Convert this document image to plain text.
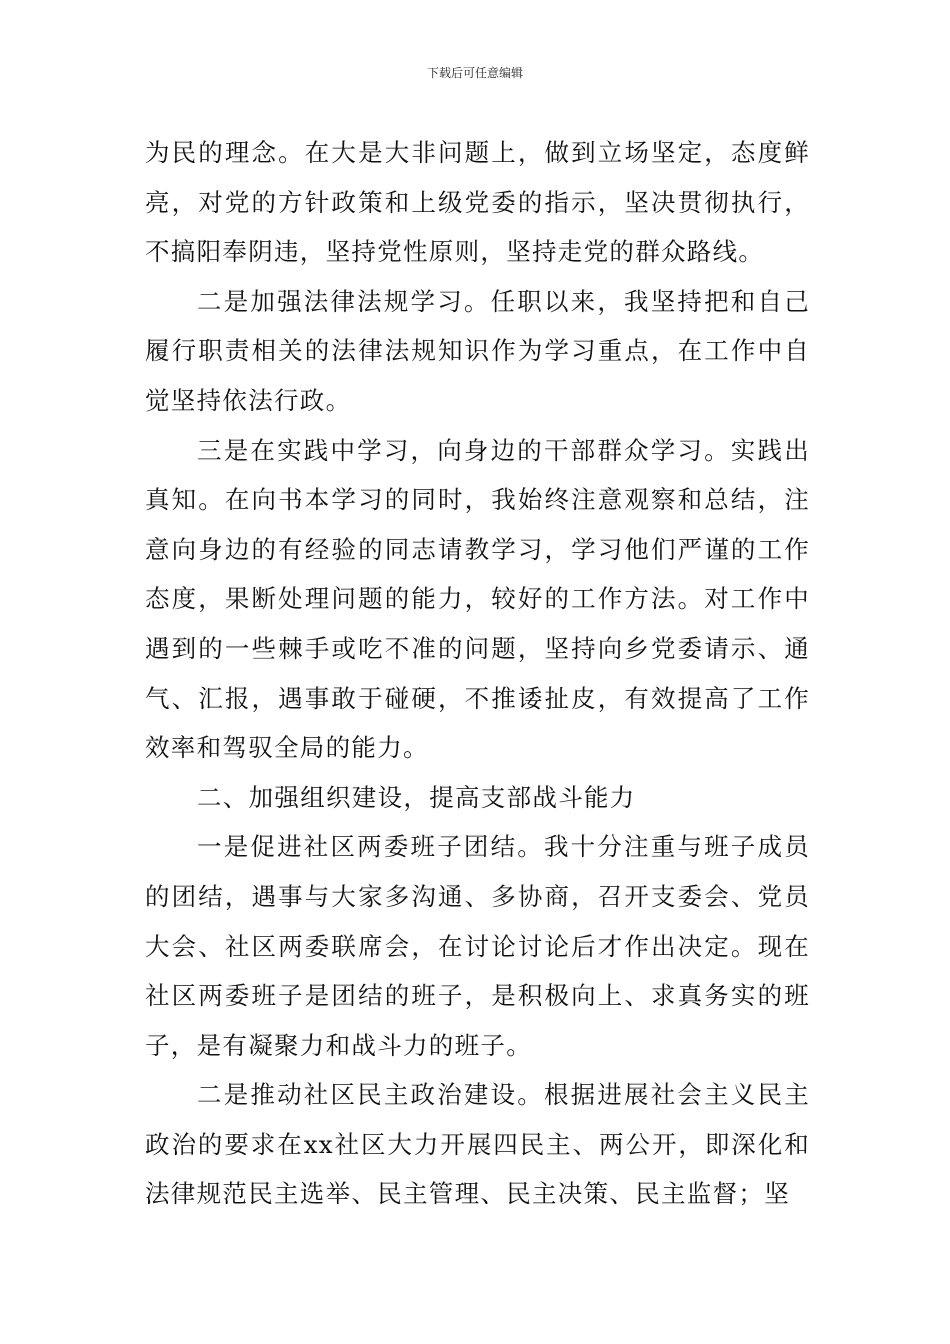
下载后可任意编辑

为民的理念。在大是大非问题上，做到立场坚定，态度鲜亮，对党的方针政策和上级党委的指示，坚决贯彻执行，不搞阳奉阴违，坚持党性原则，坚持走党的群众路线。

二是加强法律法规学习。任职以来，我坚持把和自己履行职责相关的法律法规知识作为学习重点，在工作中自觉坚持依法行政。

三是在实践中学习，向身边的干部群众学习。实践出真知。在向书本学习的同时，我始终注意观察和总结，注意向身边的有经验的同志请教学习，学习他们严谨的工作态度，果断处理问题的能力，较好的工作方法。对工作中遇到的一些棘手或吃不准的问题，坚持向乡党委请示、通气、汇报，遇事敢于碰硬，不推诿扯皮，有效提高了工作效率和驾驭全局的能力。

二、加强组织建设，提高支部战斗能力

一是促进社区两委班子团结。我十分注重与班子成员的团结，遇事与大家多沟通、多协商，召开支委会、党员大会、社区两委联席会，在讨论讨论后才作出决定。现在社区两委班子是团结的班子，是积极向上、求真务实的班子，是有凝聚力和战斗力的班子。

二是推动社区民主政治建设。根据进展社会主义民主政治的要求在xx社区大力开展四民主、两公开，即深化和法律规范民主选举、民主管理、民主决策、民主监督；坚
